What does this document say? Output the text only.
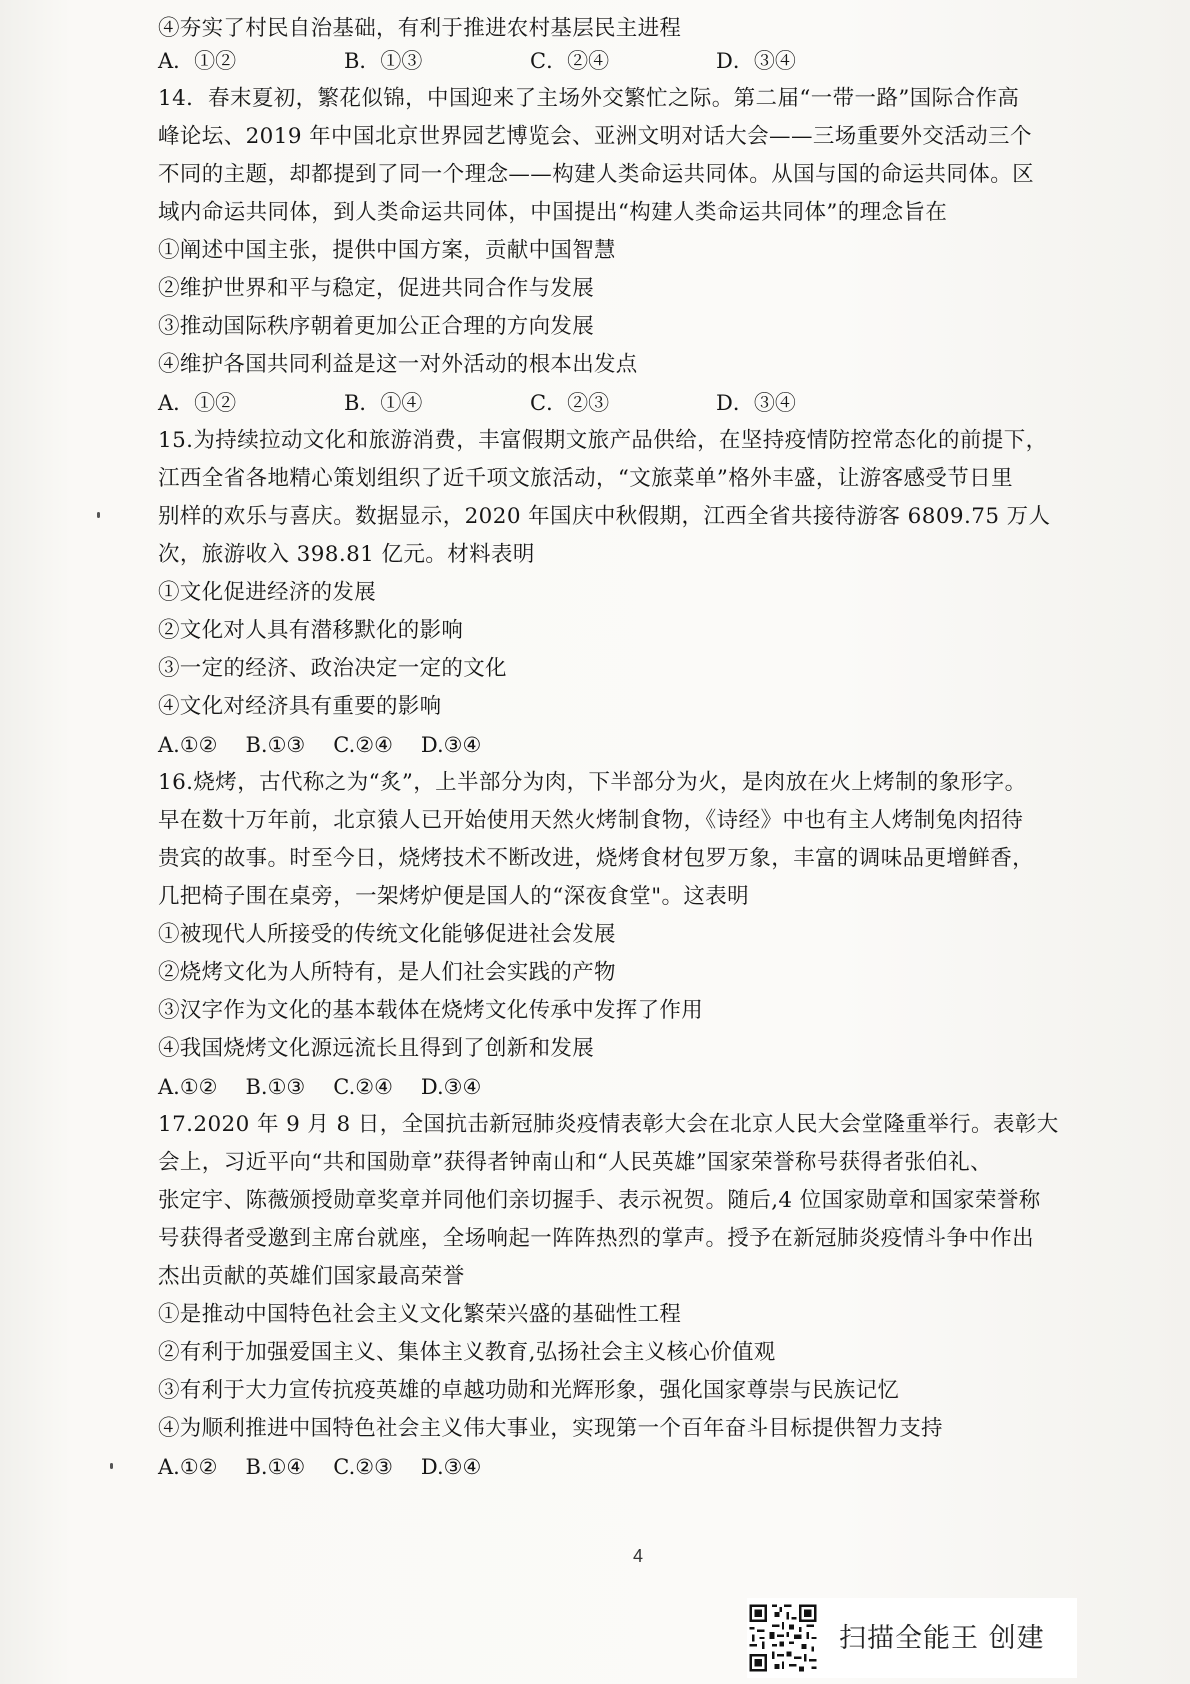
④夯实了村民自治基础，有利于推进农村基层民主进程
A．①②	B．①③	C．②④	D．③④
14．春末夏初，繁花似锦，中国迎来了主场外交繁忙之际。第二届“一带一路”国际合作高
峰论坛、2019 年中国北京世界园艺博览会、亚洲文明对话大会——三场重要外交活动三个
不同的主题，却都提到了同一个理念——构建人类命运共同体。从国与国的命运共同体。区
域内命运共同体，到人类命运共同体，中国提出“构建人类命运共同体”的理念旨在
①阐述中国主张，提供中国方案，贡献中国智慧
②维护世界和平与稳定，促进共同合作与发展
③推动国际秩序朝着更加公正合理的方向发展
④维护各国共同利益是这一对外活动的根本出发点
A．①②	B．①④	C．②③	D．③④
15.为持续拉动文化和旅游消费，丰富假期文旅产品供给，在坚持疫情防控常态化的前提下，
江西全省各地精心策划组织了近千项文旅活动，“文旅菜单”格外丰盛，让游客感受节日里
别样的欢乐与喜庆。数据显示，2020 年国庆中秋假期，江西全省共接待游客 6809.75 万人
次，旅游收入 398.81 亿元。材料表明
①文化促进经济的发展
②文化对人具有潜移默化的影响
③一定的经济、政治决定一定的文化
④文化对经济具有重要的影响
A.①② B.①③ C.②④ D.③④
16.烧烤，古代称之为“炙”，上半部分为肉，下半部分为火，是肉放在火上烤制的象形字。
早在数十万年前，北京猿人已开始使用天然火烤制食物，《诗经》中也有主人烤制兔肉招待
贵宾的故事。时至今日，烧烤技术不断改进，烧烤食材包罗万象，丰富的调味品更增鲜香，
几把椅子围在桌旁，一架烤炉便是国人的“深夜食堂"。这表明
①被现代人所接受的传统文化能够促进社会发展
②烧烤文化为人所特有，是人们社会实践的产物
③汉字作为文化的基本载体在烧烤文化传承中发挥了作用
④我国烧烤文化源远流长且得到了创新和发展
A.①② B.①③ C.②④ D.③④
17.2020 年 9 月 8 日，全国抗击新冠肺炎疫情表彰大会在北京人民大会堂隆重举行。表彰大
会上，习近平向“共和国勋章”获得者钟南山和“人民英雄”国家荣誉称号获得者张伯礼、
张定宇、陈薇颁授勋章奖章并同他们亲切握手、表示祝贺。随后,4 位国家勋章和国家荣誉称
号获得者受邀到主席台就座，全场响起一阵阵热烈的掌声。授予在新冠肺炎疫情斗争中作出
杰出贡献的英雄们国家最高荣誉
①是推动中国特色社会主义文化繁荣兴盛的基础性工程
②有利于加强爱国主义、集体主义教育,弘扬社会主义核心价值观
③有利于大力宣传抗疫英雄的卓越功勋和光辉形象，强化国家尊崇与民族记忆
④为顺利推进中国特色社会主义伟大事业，实现第一个百年奋斗目标提供智力支持
A.①② B.①④ C.②③ D.③④
4
扫描全能王 创建
